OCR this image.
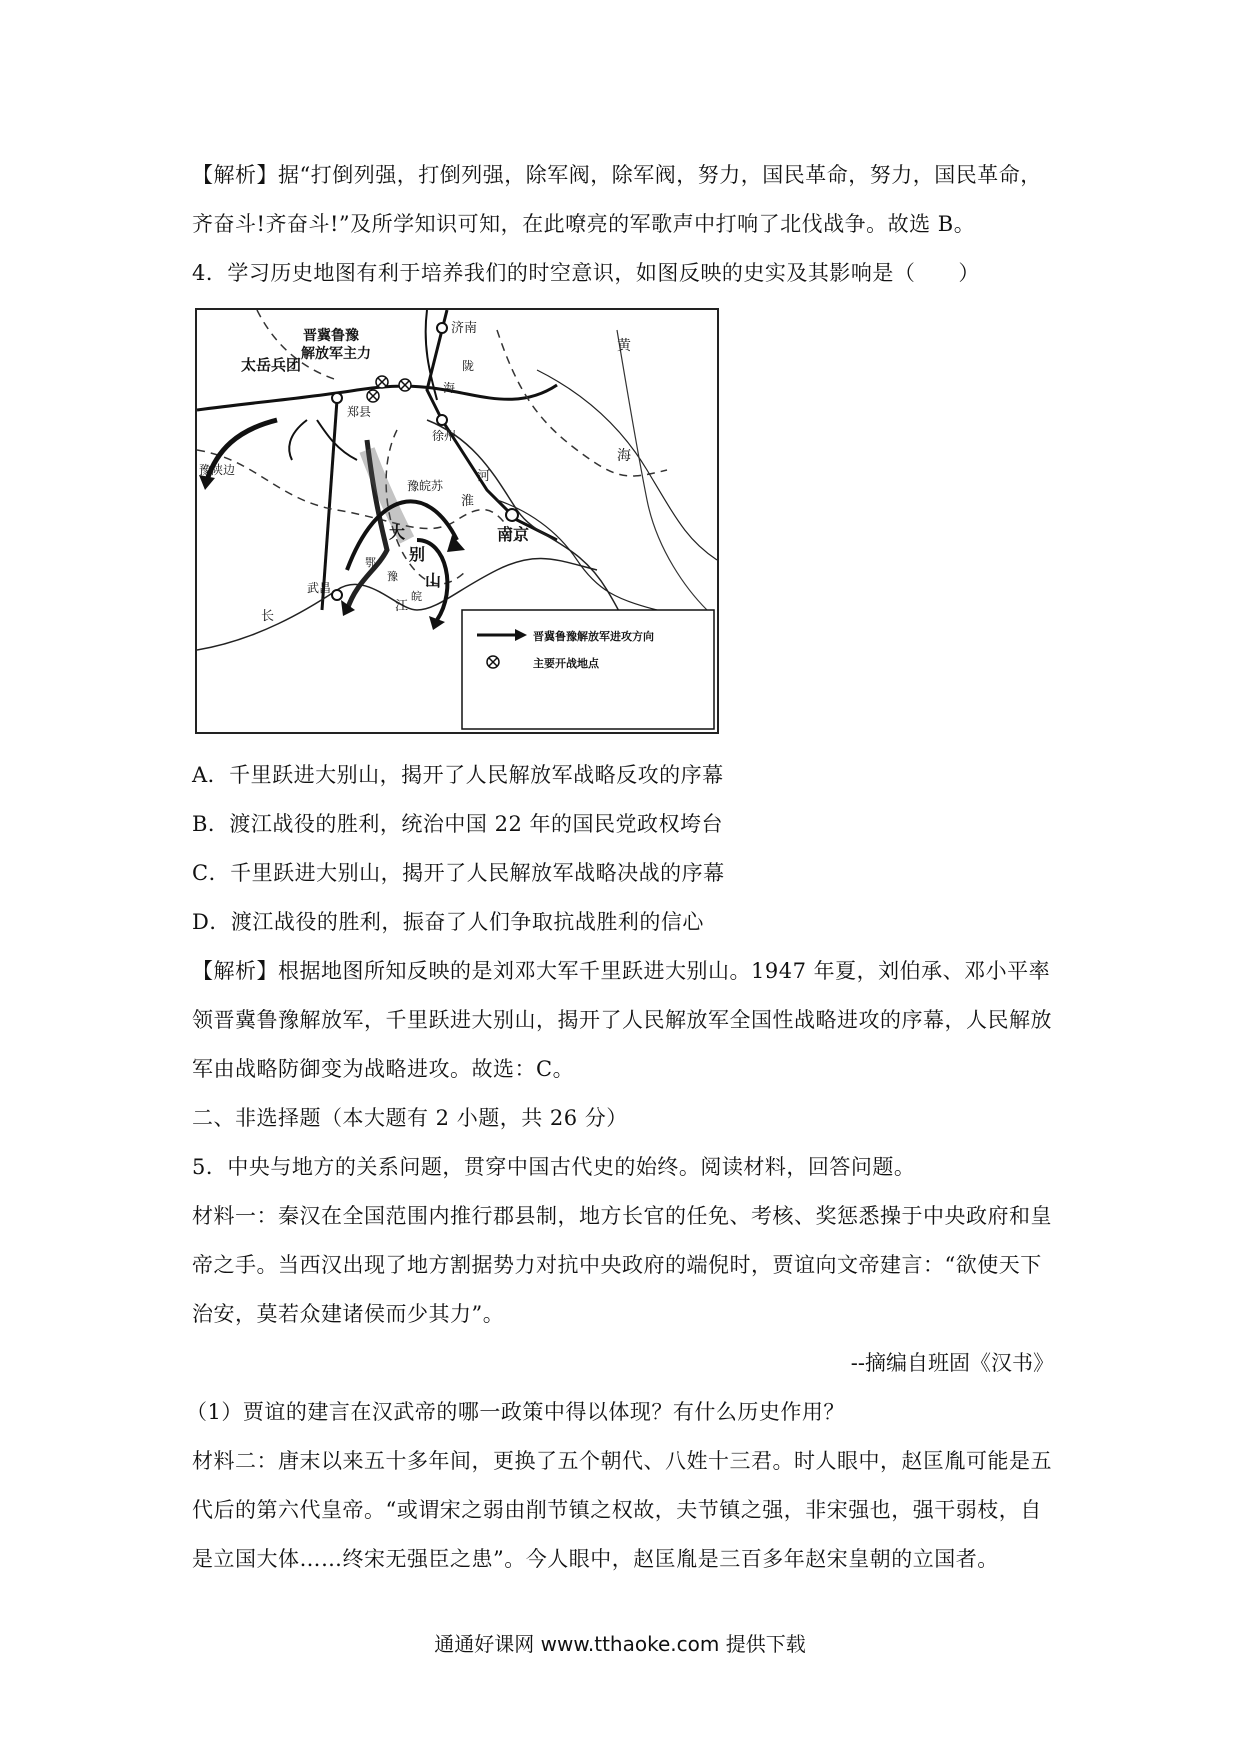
【解析】据“打倒列强，打倒列强，除军阀，除军阀，努力，国民革命，努力，国民革命，
齐奋斗!齐奋斗!”及所学知识可知，在此嘹亮的军歌声中打响了北伐战争。故选 B。
4．学习历史地图有利于培养我们的时空意识，如图反映的史实及其影响是（　　）
济南
晋冀鲁豫
解放军主力
太岳兵团
郑县
徐州
南京
武昌
豫陕边
豫皖苏
大
别
山
淮
河
长
江
黄
海
陇
海
鄂
豫
皖
晋冀鲁豫解放军进攻方向
主要开战地点
A．千里跃进大别山，揭开了人民解放军战略反攻的序幕
B．渡江战役的胜利，统治中国 22 年的国民党政权垮台
C．千里跃进大别山，揭开了人民解放军战略决战的序幕
D．渡江战役的胜利，振奋了人们争取抗战胜利的信心
【解析】根据地图所知反映的是刘邓大军千里跃进大别山。1947 年夏，刘伯承、邓小平率
领晋冀鲁豫解放军，千里跃进大别山，揭开了人民解放军全国性战略进攻的序幕，人民解放
军由战略防御变为战略进攻。故选：C。
二、非选择题（本大题有 2 小题，共 26 分）
5．中央与地方的关系问题，贯穿中国古代史的始终。阅读材料，回答问题。
材料一：秦汉在全国范围内推行郡县制，地方长官的任免、考核、奖惩悉操于中央政府和皇
帝之手。当西汉出现了地方割据势力对抗中央政府的端倪时，贾谊向文帝建言：“欲使天下
治安，莫若众建诸侯而少其力”。
--摘编自班固《汉书》
（1）贾谊的建言在汉武帝的哪一政策中得以体现？有什么历史作用？
材料二：唐末以来五十多年间，更换了五个朝代、八姓十三君。时人眼中，赵匡胤可能是五
代后的第六代皇帝。“或谓宋之弱由削节镇之权故，夫节镇之强，非宋强也，强干弱枝，自
是立国大体……终宋无强臣之患”。今人眼中，赵匡胤是三百多年赵宋皇朝的立国者。
通通好课网 www.tthaoke.com 提供下载
